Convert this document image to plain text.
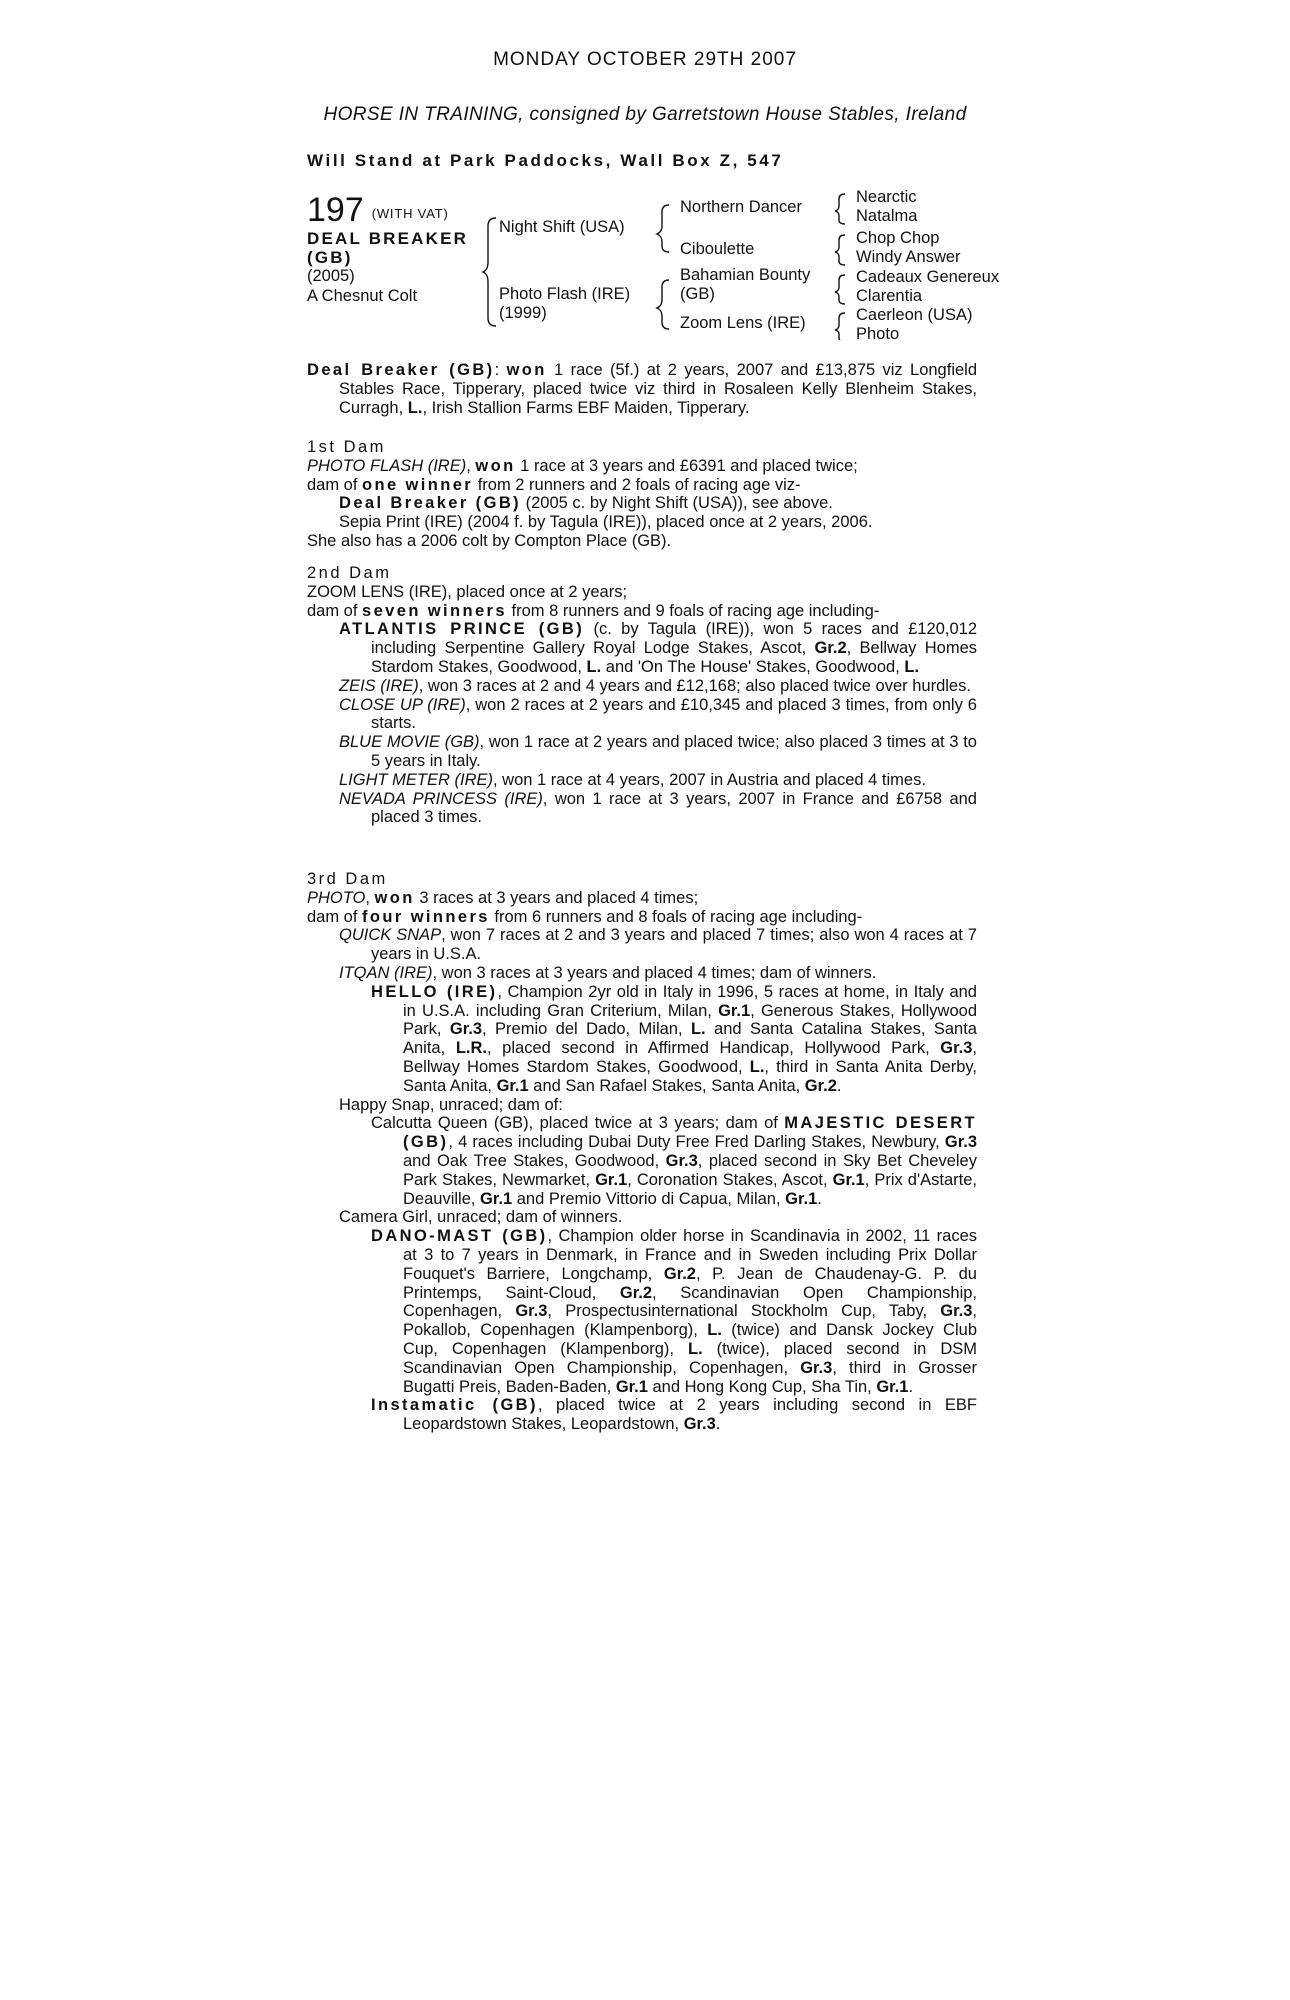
MONDAY OCTOBER 29TH 2007
HORSE IN TRAINING, consigned by Garretstown House Stables, Ireland
Will Stand at Park Paddocks, Wall Box Z, 547
197 (WITH VAT)
DEAL BREAKER
(GB)
(2005)
A Chesnut Colt
Night Shift (USA)
Photo Flash (IRE)
(1999)
Northern Dancer
Ciboulette
Bahamian Bounty
(GB)
Zoom Lens (IRE)
Nearctic
Natalma
Chop Chop
Windy Answer
Cadeaux Genereux
Clarentia
Caerleon (USA)
Photo

Deal Breaker (GB): won 1 race (5f.) at 2 years, 2007 and £13,875 viz Longfield Stables Race, Tipperary, placed twice viz third in Rosaleen Kelly Blenheim Stakes, Curragh, L., Irish Stallion Farms EBF Maiden, Tipperary.

1st Dam
PHOTO FLASH (IRE), won 1 race at 3 years and £6391 and placed twice;
dam of one winner from 2 runners and 2 foals of racing age viz-
Deal Breaker (GB) (2005 c. by Night Shift (USA)), see above.
Sepia Print (IRE) (2004 f. by Tagula (IRE)), placed once at 2 years, 2006.
She also has a 2006 colt by Compton Place (GB).
2nd Dam
ZOOM LENS (IRE), placed once at 2 years;
dam of seven winners from 8 runners and 9 foals of racing age including-

ATLANTIS PRINCE (GB) (c. by Tagula (IRE)), won 5 races and £120,012 including Serpentine Gallery Royal Lodge Stakes, Ascot, Gr.2, Bellway Homes Stardom Stakes, Goodwood, L. and 'On The House' Stakes, Goodwood, L.

ZEIS (IRE), won 3 races at 2 and 4 years and £12,168; also placed twice over hurdles.

CLOSE UP (IRE), won 2 races at 2 years and £10,345 and placed 3 times, from only 6 starts.

BLUE MOVIE (GB), won 1 race at 2 years and placed twice; also placed 3 times at 3 to 5 years in Italy.

LIGHT METER (IRE), won 1 race at 4 years, 2007 in Austria and placed 4 times.

NEVADA PRINCESS (IRE), won 1 race at 3 years, 2007 in France and £6758 and placed 3 times.

3rd Dam
PHOTO, won 3 races at 3 years and placed 4 times;
dam of four winners from 6 runners and 8 foals of racing age including-

QUICK SNAP, won 7 races at 2 and 3 years and placed 7 times; also won 4 races at 7 years in U.S.A.

ITQAN (IRE), won 3 races at 3 years and placed 4 times; dam of winners.

HELLO (IRE), Champion 2yr old in Italy in 1996, 5 races at home, in Italy and in U.S.A. including Gran Criterium, Milan, Gr.1, Generous Stakes, Hollywood Park, Gr.3, Premio del Dado, Milan, L. and Santa Catalina Stakes, Santa Anita, L.R., placed second in Affirmed Handicap, Hollywood Park, Gr.3, Bellway Homes Stardom Stakes, Goodwood, L., third in Santa Anita Derby, Santa Anita, Gr.1 and San Rafael Stakes, Santa Anita, Gr.2.

Happy Snap, unraced; dam of:

Calcutta Queen (GB), placed twice at 3 years; dam of MAJESTIC DESERT (GB), 4 races including Dubai Duty Free Fred Darling Stakes, Newbury, Gr.3 and Oak Tree Stakes, Goodwood, Gr.3, placed second in Sky Bet Cheveley Park Stakes, Newmarket, Gr.1, Coronation Stakes, Ascot, Gr.1, Prix d'Astarte, Deauville, Gr.1 and Premio Vittorio di Capua, Milan, Gr.1.

Camera Girl, unraced; dam of winners.

DANO-MAST (GB), Champion older horse in Scandinavia in 2002, 11 races at 3 to 7 years in Denmark, in France and in Sweden including Prix Dollar Fouquet's Barriere, Longchamp, Gr.2, P. Jean de Chaudenay-G. P. du Printemps, Saint-Cloud, Gr.2, Scandinavian Open Championship, Copenhagen, Gr.3, Prospectusinternational Stockholm Cup, Taby, Gr.3, Pokallob, Copenhagen (Klampenborg), L. (twice) and Dansk Jockey Club Cup, Copenhagen (Klampenborg), L. (twice), placed second in DSM Scandinavian Open Championship, Copenhagen, Gr.3, third in Grosser Bugatti Preis, Baden-Baden, Gr.1 and Hong Kong Cup, Sha Tin, Gr.1.

Instamatic (GB), placed twice at 2 years including second in EBF Leopardstown Stakes, Leopardstown, Gr.3.
